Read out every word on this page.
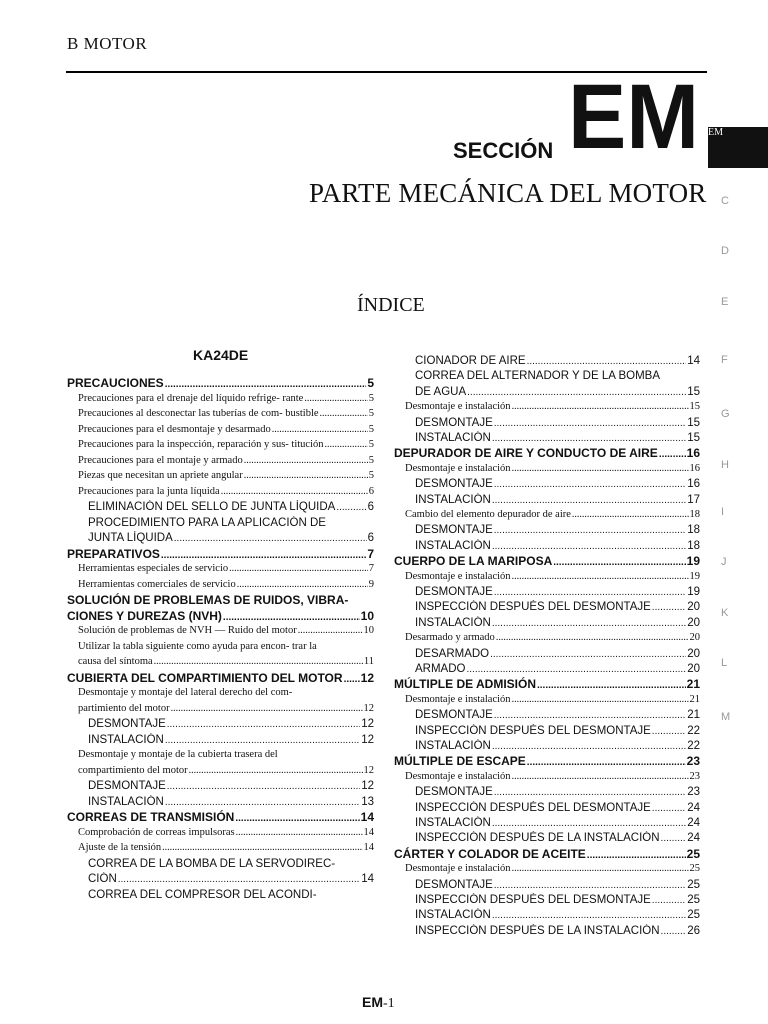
B MOTOR
SECCIÓN EM
PARTE MECÁNICA DEL MOTOR
ÍNDICE
KA24DE
EM
C
D
E
F
G
H
I
J
K
L
M
PRECAUCIONES .....	5
Precauciones para el drenaje del líquido refrige- rante .....	5
Precauciones al desconectar las tuberías de com- bustible .....	5
Precauciones para el desmontaje y desarmado .....	5
Precauciones para la inspección, reparación y sus- titución .....	5
Precauciones para el montaje y armado .....	5
Piezas que necesitan un apriete angular .....	5
Precauciones para la junta líquida .....	6
ELIMINACIÓN DEL SELLO DE JUNTA LÍQUIDA .....	6
PROCEDIMIENTO PARA LA APLICACIÓN DE
JUNTA LÍQUIDA .....	6
PREPARATIVOS .....	7
Herramientas especiales de servicio .....	7
Herramientas comerciales de servicio .....	9
SOLUCIÓN DE PROBLEMAS DE RUIDOS, VIBRA-
CIONES Y DUREZAS (NVH) .....	10
Solución de problemas de NVH — Ruido del motor .....	10
Utilizar la tabla siguiente como ayuda para encon- trar la
causa del síntoma .....	11
CUBIERTA DEL COMPARTIMIENTO DEL MOTOR ..... 12
Desmontaje y montaje del lateral derecho del com-
partimiento del motor .....	12
DESMONTAJE .....	12
INSTALACIÓN .....	12
Desmontaje y montaje de la cubierta trasera del
compartimiento del motor .....	12
DESMONTAJE .....	12
INSTALACIÓN .....	13
CORREAS DE TRANSMISIÓN .....	14
Comprobación de correas impulsoras .....	14
Ajuste de la tensión .....	14
CORREA DE LA BOMBA DE LA SERVODIREC-
CIÓN .....	14
CORREA DEL COMPRESOR DEL ACONDI-
CIONADOR DE AIRE .....	14
CORREA DEL ALTERNADOR Y DE LA BOMBA
DE AGUA .....	15
Desmontaje e instalación .....	15
DESMONTAJE .....	15
INSTALACIÓN .....	15
DEPURADOR DE AIRE Y CONDUCTO DE AIRE ..... 16
Desmontaje e instalación .....	16
DESMONTAJE .....	16
INSTALACIÓN .....	17
Cambio del elemento depurador de aire .....	18
DESMONTAJE .....	18
INSTALACIÓN .....	18
CUERPO DE LA MARIPOSA .....	19
Desmontaje e instalación .....	19
DESMONTAJE .....	19
INSPECCIÓN DESPUÉS DEL DESMONTAJE .....	20
INSTALACIÓN .....	20
Desarmado y armado .....	20
DESARMADO .....	20
ARMADO .....	20
MÚLTIPLE DE ADMISIÓN .....	21
Desmontaje e instalación .....	21
DESMONTAJE .....	21
INSPECCIÓN DESPUÉS DEL DESMONTAJE .....	22
INSTALACIÓN .....	22
MÚLTIPLE DE ESCAPE .....	23
Desmontaje e instalación .....	23
DESMONTAJE .....	23
INSPECCIÓN DESPUÉS DEL DESMONTAJE .....	24
INSTALACIÓN .....	24
INSPECCIÓN DESPUÉS DE LA INSTALACIÓN ..... 24
CÁRTER Y COLADOR DE ACEITE .....	25
Desmontaje e instalación .....	25
DESMONTAJE .....	25
INSPECCIÓN DESPUÉS DEL DESMONTAJE .....	25
INSTALACIÓN .....	25
INSPECCIÓN DESPUÉS DE LA INSTALACIÓN ..... 26
EM-1
